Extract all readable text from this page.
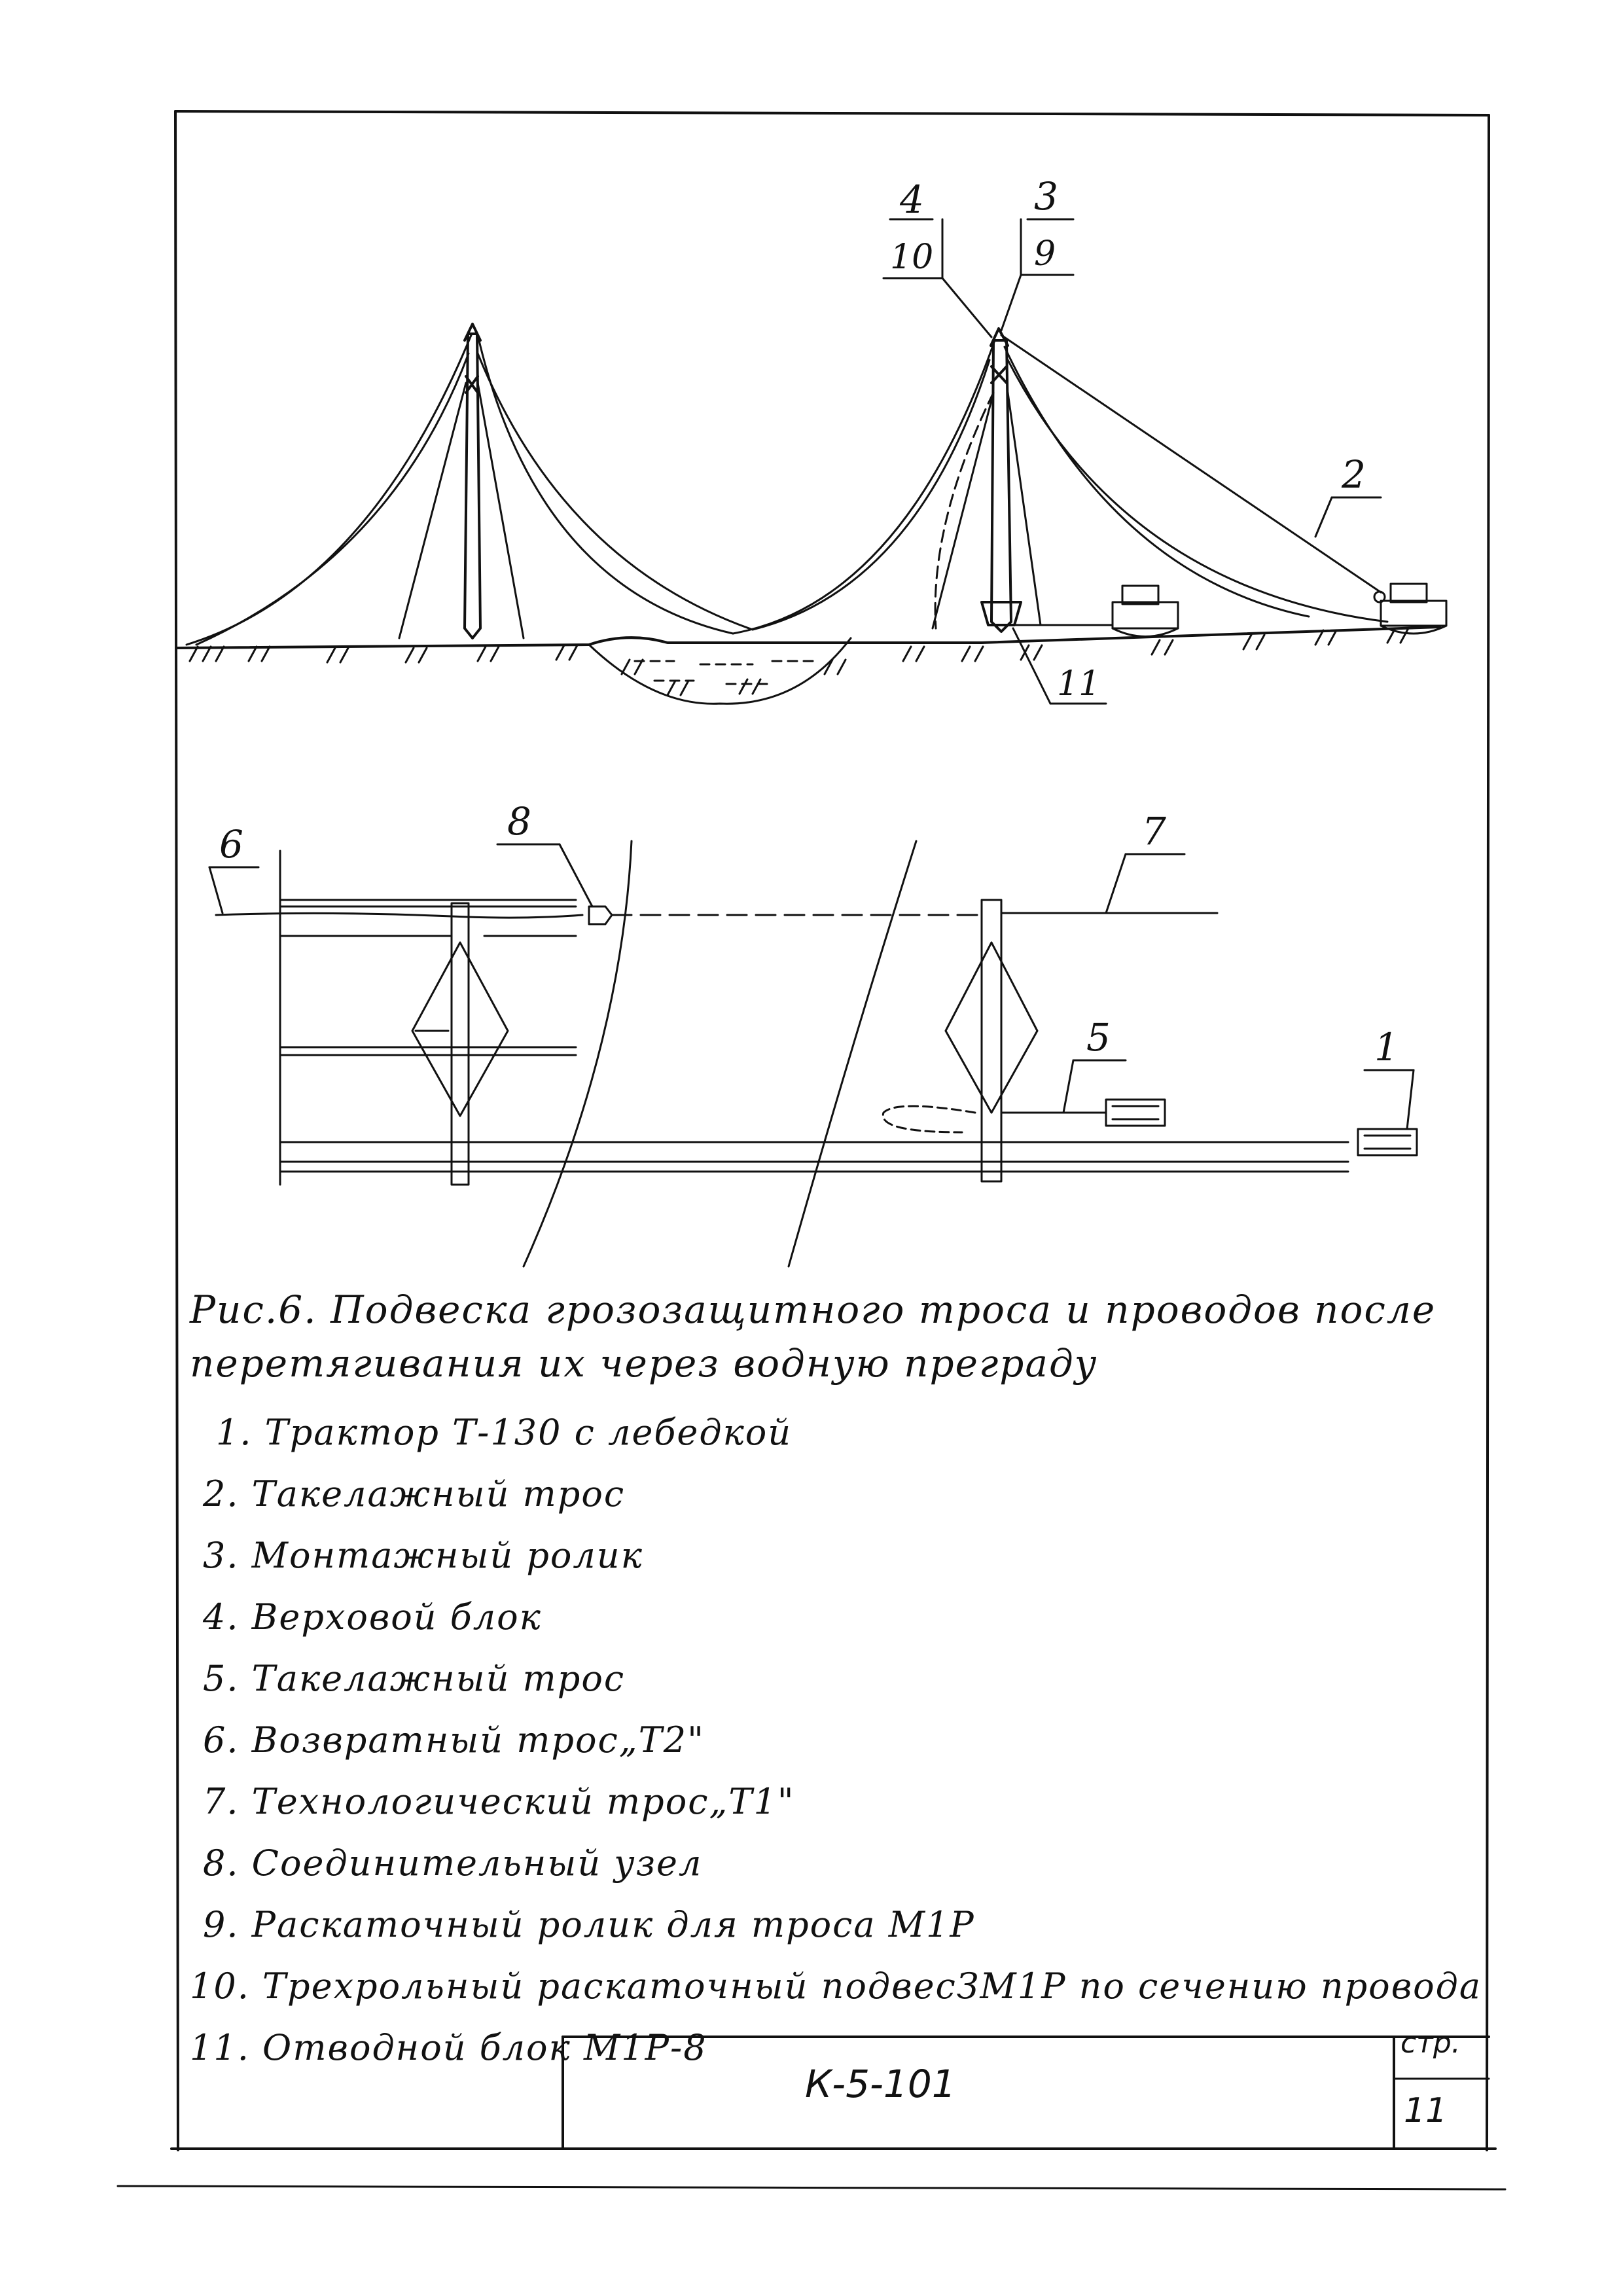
4
10
3
9
2
11
6
8	7
5	1
Рис.6. Подвеска грозозащитного троса и проводов после
перетягивания их через водную преграду
1. Трактор Т-130 с лебедкой
2. Такелажный трос
3. Монтажный ролик
4. Верховой блок
5. Такелажный трос
6. Возвратный трос„Т2"
7. Технологический трос„Т1"
8. Соединительный узел
9. Раскаточный ролик для троса М1Р
10. Трехрольный раскаточный подвесЗМ1Р по сечению провода
11. Отводной блок М1Р-8
К-5-101
стр.
11
